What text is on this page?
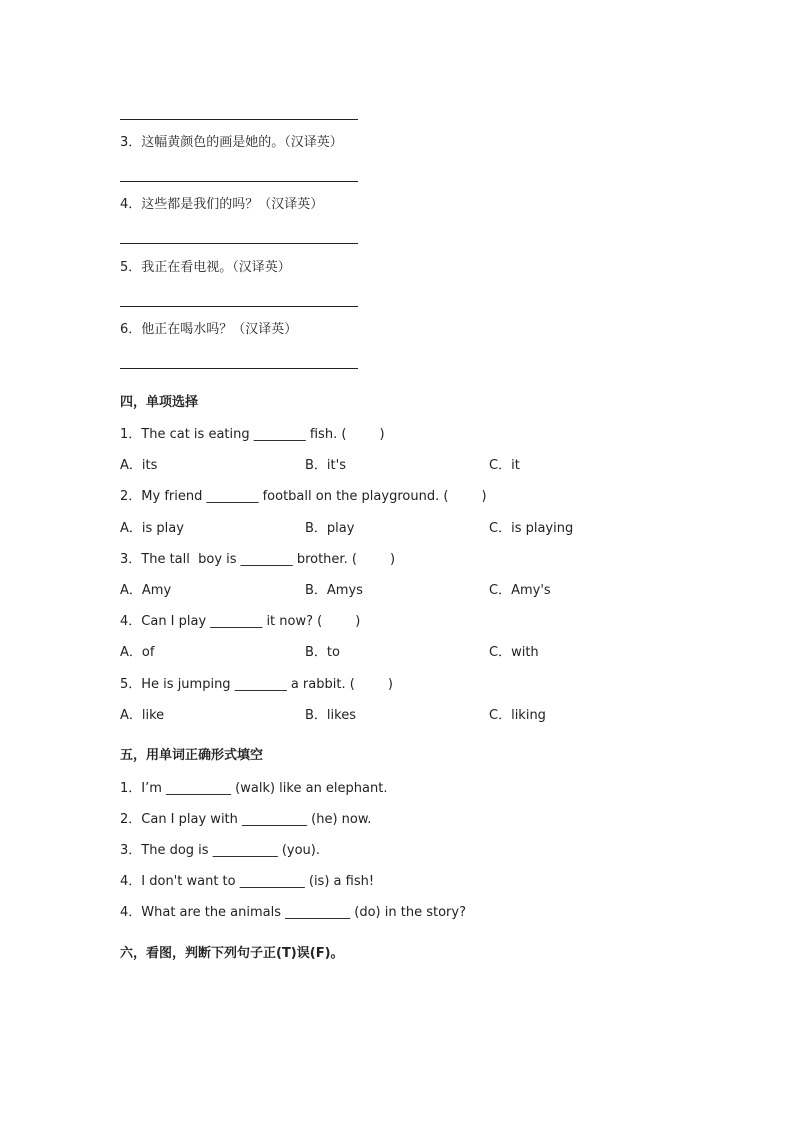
3．这幅黄颜色的画是她的。（汉译英）
4．这些都是我们的吗？（汉译英）
5．我正在看电视。（汉译英）
6．他正在喝水吗？（汉译英）
四，单项选择
1．The cat is eating ________ fish. (        )
A．its	B．it's	C．it
2．My friend ________ football on the playground. (        )
A．is play	B．play	C．is playing
3．The tall  boy is ________ brother. (        )
A．Amy	B．Amys	C．Amy's
4．Can I play ________ it now? (        )
A．of	B．to	C．with
5．He is jumping ________ a rabbit. (        )
A．like	B．likes	C．liking
五，用单词正确形式填空
1．I’m __________ (walk) like an elephant.
2．Can I play with __________ (he) now.
3．The dog is __________ (you).
4．I don't want to __________ (is) a fish!
4．What are the animals __________ (do) in the story?
六，看图，判断下列句子正(T)误(F)。
